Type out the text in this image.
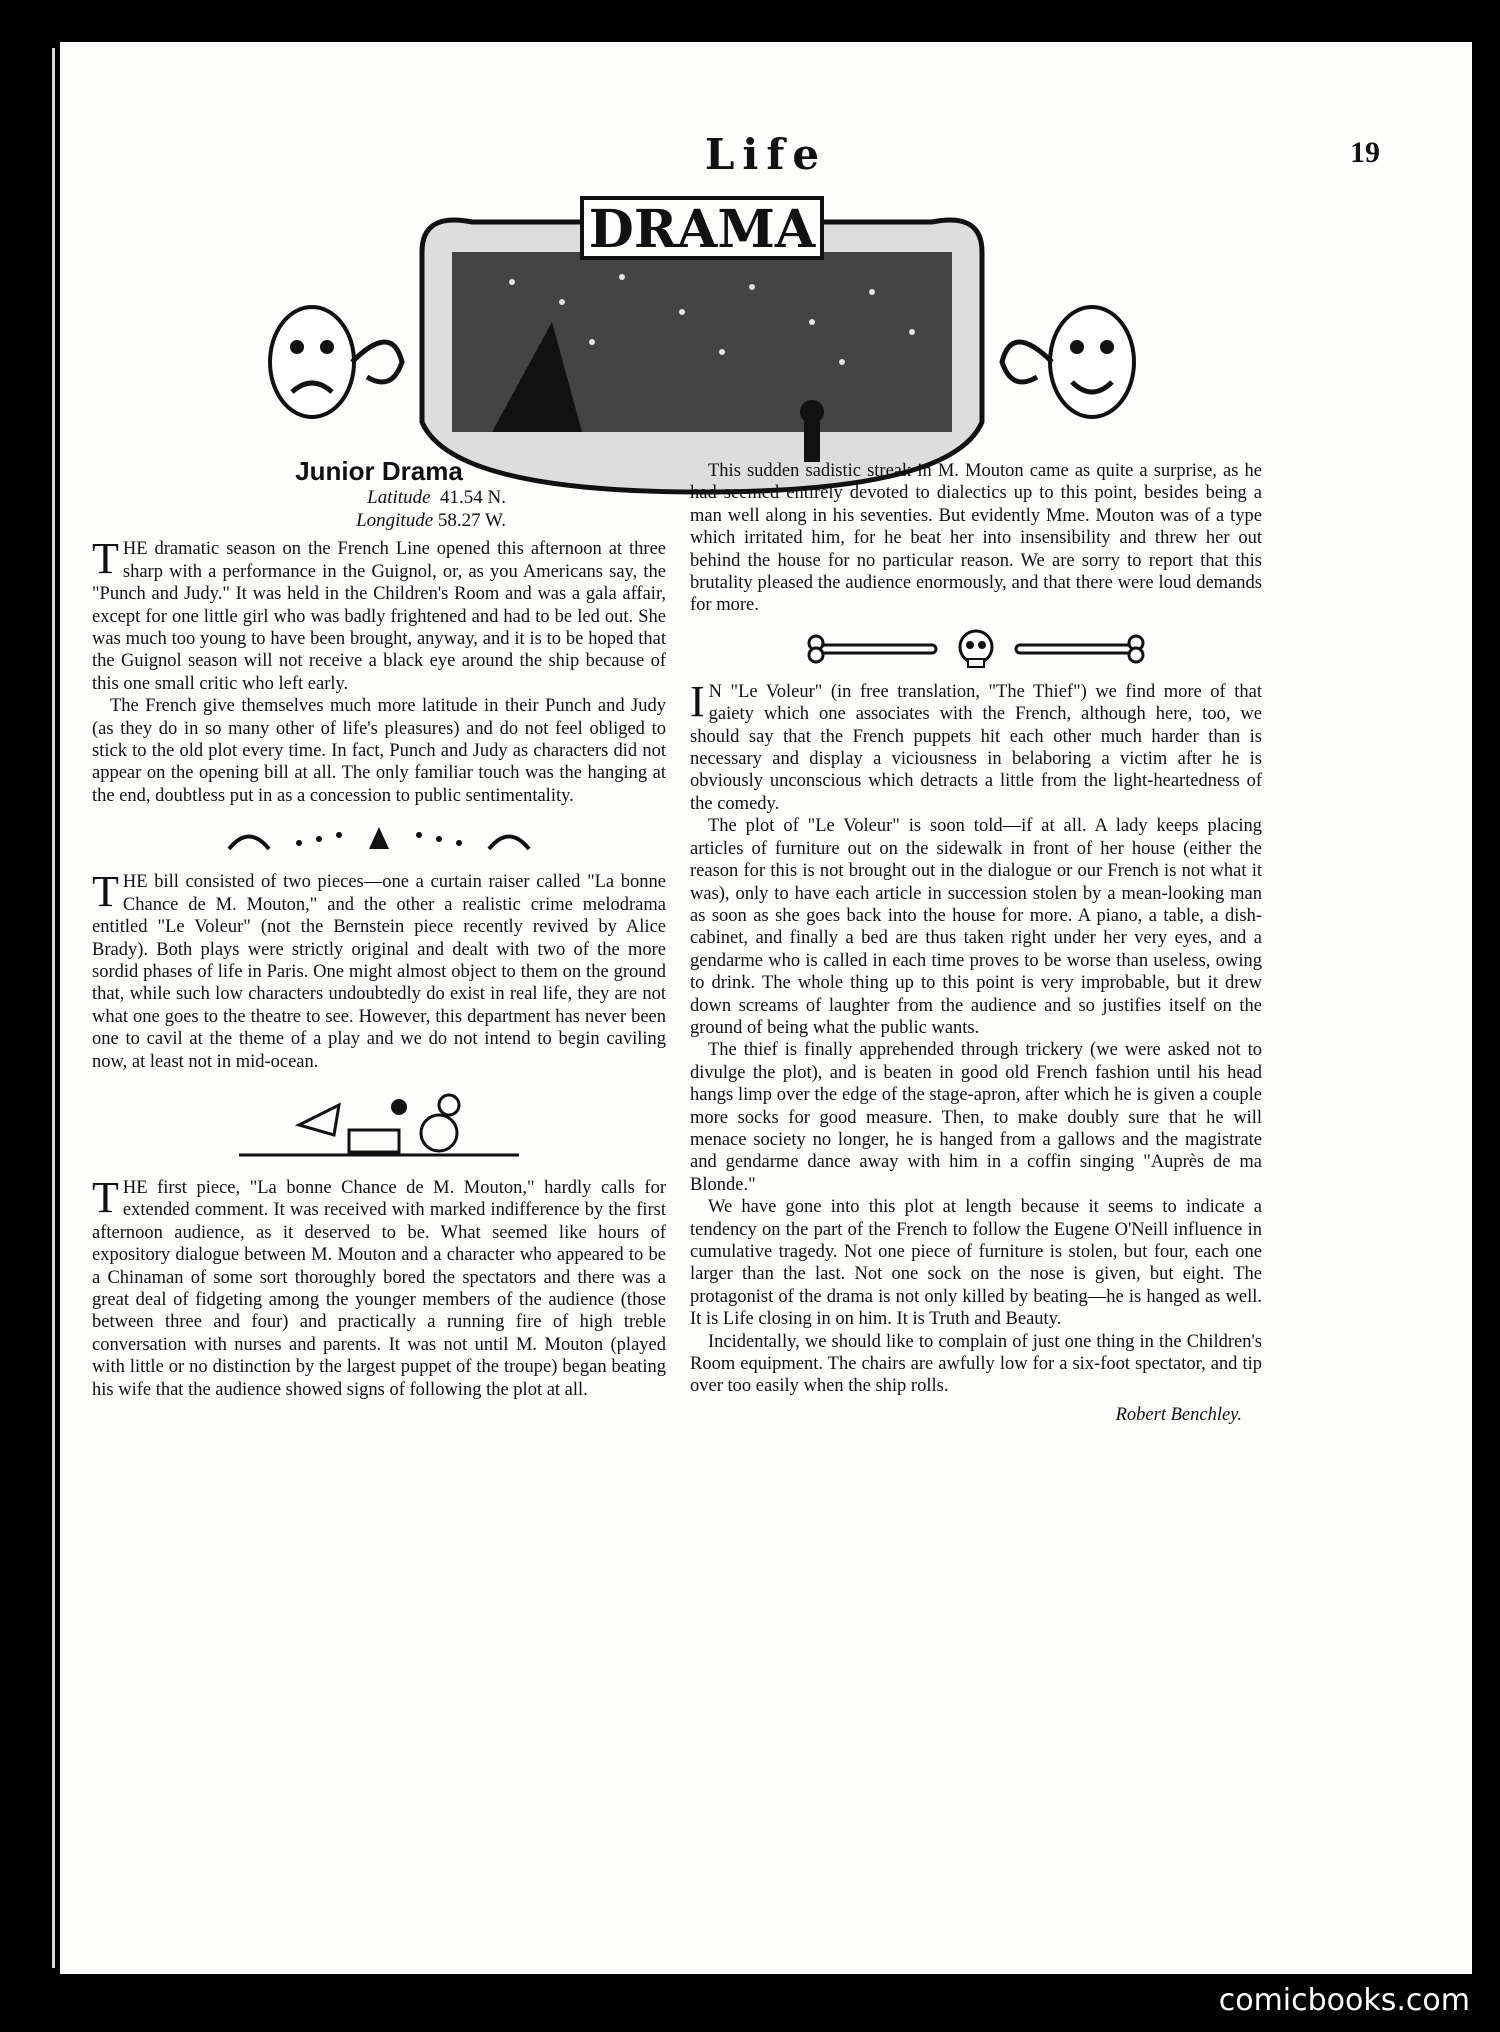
Life	19
DRAMA
Junior Drama
Latitude 41.54 N.
Longitude 58.27 W.

THE dramatic season on the French Line opened this afternoon at three sharp with a performance in the Guignol, or, as you Americans say, the "Punch and Judy." It was held in the Children's Room and was a gala affair, except for one little girl who was badly frightened and had to be led out. She was much too young to have been brought, anyway, and it is to be hoped that the Guignol season will not receive a black eye around the ship because of this one small critic who left early.

The French give themselves much more latitude in their Punch and Judy (as they do in so many other of life's pleasures) and do not feel obliged to stick to the old plot every time. In fact, Punch and Judy as characters did not appear on the opening bill at all. The only familiar touch was the hanging at the end, doubtless put in as a concession to public sentimentality.

THE bill consisted of two pieces—one a curtain raiser called "La bonne Chance de M. Mouton," and the other a realistic crime melodrama entitled "Le Voleur" (not the Bernstein piece recently revived by Alice Brady). Both plays were strictly original and dealt with two of the more sordid phases of life in Paris. One might almost object to them on the ground that, while such low characters undoubtedly do exist in real life, they are not what one goes to the theatre to see. However, this department has never been one to cavil at the theme of a play and we do not intend to begin caviling now, at least not in mid-ocean.

THE first piece, "La bonne Chance de M. Mouton," hardly calls for extended comment. It was received with marked indifference by the first afternoon audience, as it deserved to be. What seemed like hours of expository dialogue between M. Mouton and a character who appeared to be a Chinaman of some sort thoroughly bored the spectators and there was a great deal of fidgeting among the younger members of the audience (those between three and four) and practically a running fire of high treble conversation with nurses and parents. It was not until M. Mouton (played with little or no distinction by the largest puppet of the troupe) began beating his wife that the audience showed signs of following the plot at all.

This sudden sadistic streak in M. Mouton came as quite a surprise, as he had seemed entirely devoted to dialectics up to this point, besides being a man well along in his seventies. But evidently Mme. Mouton was of a type which irritated him, for he beat her into insensibility and threw her out behind the house for no particular reason. We are sorry to report that this brutality pleased the audience enormously, and that there were loud demands for more.

I N "Le Voleur" (in free translation, "The Thief") we find more of that gaiety which one associates with the French, although here, too, we should say that the French puppets hit each other much harder than is necessary and display a viciousness in belaboring a victim after he is obviously unconscious which detracts a little from the light-heartedness of the comedy.

The plot of "Le Voleur" is soon told—if at all. A lady keeps placing articles of furniture out on the sidewalk in front of her house (either the reason for this is not brought out in the dialogue or our French is not what it was), only to have each article in succession stolen by a mean-looking man as soon as she goes back into the house for more. A piano, a table, a dish-cabinet, and finally a bed are thus taken right under her very eyes, and a gendarme who is called in each time proves to be worse than useless, owing to drink. The whole thing up to this point is very improbable, but it drew down screams of laughter from the audience and so justifies itself on the ground of being what the public wants.

The thief is finally apprehended through trickery (we were asked not to divulge the plot), and is beaten in good old French fashion until his head hangs limp over the edge of the stage-apron, after which he is given a couple more socks for good measure. Then, to make doubly sure that he will menace society no longer, he is hanged from a gallows and the magistrate and gendarme dance away with him in a coffin singing "Auprès de ma Blonde."

We have gone into this plot at length because it seems to indicate a tendency on the part of the French to follow the Eugene O'Neill influence in cumulative tragedy. Not one piece of furniture is stolen, but four, each one larger than the last. Not one sock on the nose is given, but eight. The protagonist of the drama is not only killed by beating—he is hanged as well. It is Life closing in on him. It is Truth and Beauty.

Incidentally, we should like to complain of just one thing in the Children's Room equipment. The chairs are awfully low for a six-foot spectator, and tip over too easily when the ship rolls.

Robert Benchley.
comicbooks.com
